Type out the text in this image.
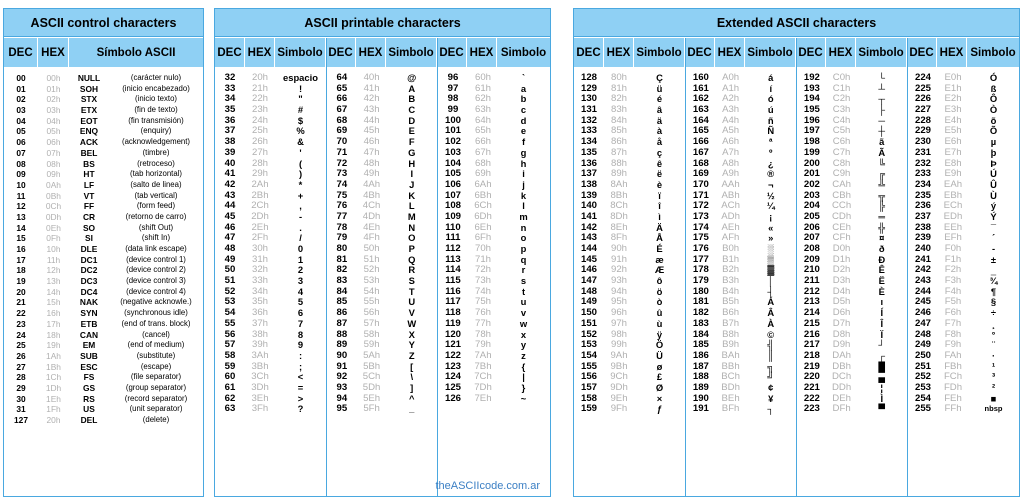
ASCII control characters
DEC HEX	Símbolo ASCII
00	00h	NULL	(carácter nulo)
01	01h	SOH	(inicio encabezado)
02	02h	STX	(inicio texto)
03	03h	ETX	(fin de texto)
04	04h	EOT	(fin transmisión)
05	05h	ENQ	(enquiry)
06	06h	ACK	(acknowledgement)
07	07h	BEL	(timbre)
08	08h	BS	(retroceso)
09	09h	HT	(tab horizontal)
10	0Ah	LF	(salto de linea)
11	0Bh	VT	(tab vertical)
12	0Ch	FF	(form feed)
13	0Dh	CR	(retorno de carro)
14	0Eh	SO	(shift Out)
15	0Fh	SI	(shift In)
16	10h	DLE	(data link escape)
17	11h	DC1	(device control 1)
18	12h	DC2	(device control 2)
19	13h	DC3	(device control 3)
20	14h	DC4	(device control 4)
21	15h	NAK	(negative acknowle.)
22	16h	SYN	(synchronous idle)
23	17h	ETB	(end of trans. block)
24	18h	CAN	(cancel)
25	19h	EM	(end of medium)
26	1Ah	SUB	(substitute)
27	1Bh	ESC	(escape)
28	1Ch	FS	(file separator)
29	1Dh	GS	(group separator)
30	1Eh	RS	(record separator)
31	1Fh	US	(unit separator)
127	20h	DEL	(delete)
ASCII printable characters
DEC HEX Simbolo DEC HEX Simbolo DEC HEX Simbolo
32	20h	espacio
33	21h	!
34	22h	"
35	23h	#
36	24h	$
37	25h	%
38	26h	&
39	27h	'
40	28h	(
41	29h	)
42	2Ah	*
43	2Bh	+
44	2Ch	,
45	2Dh	-
46	2Eh	.
47	2Fh	/
48	30h	0
49	31h	1
50	32h	2
51	33h	3
52	34h	4
53	35h	5
54	36h	6
55	37h	7
56	38h	8
57	39h	9
58	3Ah	:
59	3Bh	;
60	3Ch	<
61	3Dh	=
62	3Eh	>
63	3Fh	?
64	40h	@
65	41h	A
66	42h	B
67	43h	C
68	44h	D
69	45h	E
70	46h	F
71	47h	G
72	48h	H
73	49h	I
74	4Ah	J
75	4Bh	K
76	4Ch	L
77	4Dh	M
78	4Eh	N
79	4Fh	O
80	50h	P
81	51h	Q
82	52h	R
83	53h	S
84	54h	T
85	55h	U
86	56h	V
87	57h	W
88	58h	X
89	59h	Y
90	5Ah	Z
91	5Bh	[
92	5Ch	\
93	5Dh	]
94	5Eh	^
95	5Fh	_
96	60h	`
97	61h	a
98	62h	b
99	63h	c
100	64h	d
101	65h	e
102	66h	f
103	67h	g
104	68h	h
105	69h	i
106	6Ah	j
107	6Bh	k
108	6Ch	l
109	6Dh	m
110	6Eh	n
111	6Fh	o
112	70h	p
113	71h	q
114	72h	r
115	73h	s
116	74h	t
117	75h	u
118	76h	v
119	77h	w
120	78h	x
121	79h	y
122	7Ah	z
123	7Bh	{
124	7Ch	|
125	7Dh	}
126	7Eh	~
theASCIIcode.com.ar
Extended ASCII characters
DEC HEX Simbolo DEC HEX Simbolo DEC HEX Simbolo DEC HEX Simbolo
128	80h	Ç
129	81h	ü
130	82h	é
131	83h	â
132	84h	ä
133	85h	à
134	86h	å
135	87h	ç
136	88h	ê
137	89h	ë
138	8Ah	è
139	8Bh	ï
140	8Ch	î
141	8Dh	ì
142	8Eh	Ä
143	8Fh	Å
144	90h	É
145	91h	æ
146	92h	Æ
147	93h	ô
148	94h	ö
149	95h	ò
150	96h	û
151	97h	ù
152	98h	ÿ
153	99h	Ö
154	9Ah	Ü
155	9Bh	ø
156	9Ch	£
157	9Dh	Ø
158	9Eh	×
159	9Fh	ƒ
160	A0h	á
161	A1h	í
162	A2h	ó
163	A3h	ú
164	A4h	ñ
165	A5h	Ñ
166	A6h	ª
167	A7h	º
168	A8h	¿
169	A9h	®
170	AAh	¬
171	ABh	½
172	ACh	¼
173	ADh	¡
174	AEh	«
175	AFh	»
176	B0h	░
177	B1h	▒
178	B2h	▓
179	B3h	│
180	B4h	┤
181	B5h	Á
182	B6h	Â
183	B7h	À
184	B8h	©
185	B9h	╣
186	BAh	║
187	BBh	╗
188	BCh	╝
189	BDh	¢
190	BEh	¥
191	BFh	┐
192	C0h	└
193	C1h	┴
194	C2h	┬
195	C3h	├
196	C4h	─
197	C5h	┼
198	C6h	ã
199	C7h	Ã
200	C8h	╚
201	C9h	╔
202	CAh	╩
203	CBh	╦
204	CCh	╠
205	CDh	═
206	CEh	╬
207	CFh	¤
208	D0h	ð
209	D1h	Ð
210	D2h	Ê
211	D3h	Ë
212	D4h	È
213	D5h	ı
214	D6h	Í
215	D7h	Î
216	D8h	Ï
217	D9h	┘
218	DAh	┌
219	DBh	█
220	DCh	▄
221	DDh	¦
222	DEh	Ì
223	DFh	▀
224	E0h	Ó
225	E1h	ß
226	E2h	Ô
227	E3h	Ò
228	E4h	õ
229	E5h	Õ
230	E6h	µ
231	E7h	þ
232	E8h	Þ
233	E9h	Ú
234	EAh	Û
235	EBh	Ù
236	ECh	ý
237	EDh	Ý
238	EEh	¯
239	EFh	´
240	F0h	-
241	F1h	±
242	F2h	‗
243	F3h	¾
244	F4h	¶
245	F5h	§
246	F6h	÷
247	F7h	¸
248	F8h	°
249	F9h	¨
250	FAh	·
251	FBh	¹
252	FCh	³
253	FDh	²
254	FEh	■
255	FFh	nbsp
